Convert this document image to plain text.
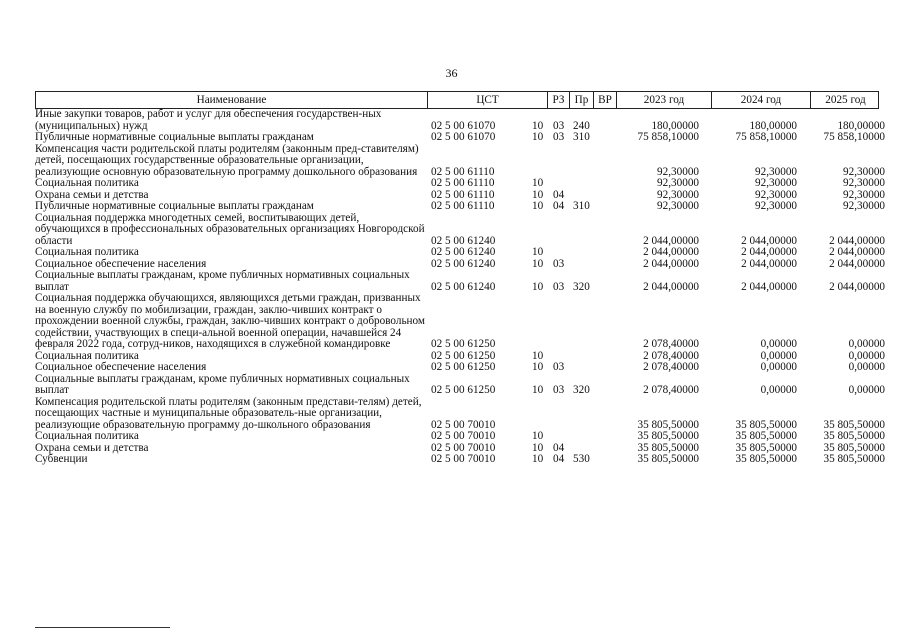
36
Наименование	ЦСТ	РЗ Пр ВР	2023 год	2024 год	2025 год
Иные закупки товаров, работ и услуг для обеспечения государствен-ных (муниципальных) нужд	02 5 00 61070	10 03 240	180,00000	180,00000	180,00000
Публичные нормативные социальные выплаты гражданам	02 5 00 61070	10 03 310	75 858,10000	75 858,10000	75 858,10000
Компенсация части родительской платы родителям (законным пред-ставителям) детей, посещающих государственные образовательные организации, реализующие основную образовательную программу дошкольного образования	02 5 00 61110	92,30000	92,30000	92,30000
Социальная политика	02 5 00 61110	10	92,30000	92,30000	92,30000
Охрана семьи и детства	02 5 00 61110	10 04	92,30000	92,30000	92,30000
Публичные нормативные социальные выплаты гражданам	02 5 00 61110	10 04 310	92,30000	92,30000	92,30000
Социальная поддержка многодетных семей, воспитывающих детей, обучающихся в профессиональных образовательных организациях Новгородской области	02 5 00 61240	2 044,00000	2 044,00000	2 044,00000
Социальная политика	02 5 00 61240	10	2 044,00000	2 044,00000	2 044,00000
Социальное обеспечение населения	02 5 00 61240	10 03	2 044,00000	2 044,00000	2 044,00000
Социальные выплаты гражданам, кроме публичных нормативных социальных выплат	02 5 00 61240	10 03 320	2 044,00000	2 044,00000	2 044,00000
Социальная поддержка обучающихся, являющихся детьми граждан, призванных на военную службу по мобилизации, граждан, заклю-чивших контракт о прохождении военной службы, граждан, заклю-чивших контракт о добровольном содействии, участвующих в специ-альной военной операции, начавшейся 24 февраля 2022 года, сотруд-ников, находящихся в служебной командировке	02 5 00 61250	2 078,40000	0,00000	0,00000
Социальная политика	02 5 00 61250	10	2 078,40000	0,00000	0,00000
Социальное обеспечение населения	02 5 00 61250	10 03	2 078,40000	0,00000	0,00000
Социальные выплаты гражданам, кроме публичных нормативных социальных выплат	02 5 00 61250	10 03 320	2 078,40000	0,00000	0,00000
Компенсация родительской платы родителям (законным представи-телям) детей, посещающих частные и муниципальные образователь-ные организации, реализующие образовательную программу до-школьного образования	02 5 00 70010	35 805,50000	35 805,50000	35 805,50000
Социальная политика	02 5 00 70010	10	35 805,50000	35 805,50000	35 805,50000
Охрана семьи и детства	02 5 00 70010	10 04	35 805,50000	35 805,50000	35 805,50000
Субвенции	02 5 00 70010	10 04 530	35 805,50000	35 805,50000	35 805,50000
